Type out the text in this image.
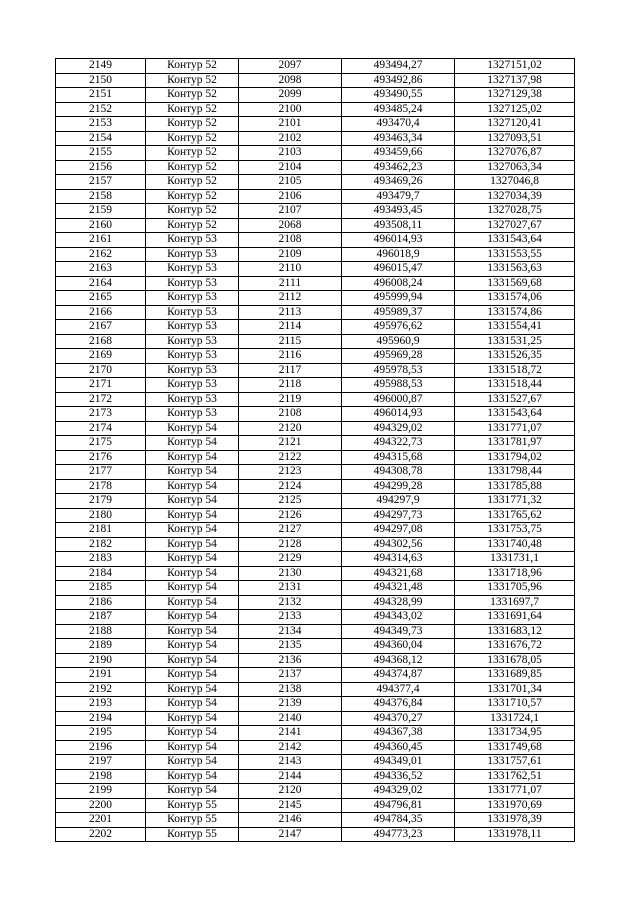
2149	Контур 52	2097	493494,27	1327151,02
2150	Контур 52	2098	493492,86	1327137,98
2151	Контур 52	2099	493490,55	1327129,38
2152	Контур 52	2100	493485,24	1327125,02
2153	Контур 52	2101	493470,4	1327120,41
2154	Контур 52	2102	493463,34	1327093,51
2155	Контур 52	2103	493459,66	1327076,87
2156	Контур 52	2104	493462,23	1327063,34
2157	Контур 52	2105	493469,26	1327046,8
2158	Контур 52	2106	493479,7	1327034,39
2159	Контур 52	2107	493493,45	1327028,75
2160	Контур 52	2068	493508,11	1327027,67
2161	Контур 53	2108	496014,93	1331543,64
2162	Контур 53	2109	496018,9	1331553,55
2163	Контур 53	2110	496015,47	1331563,63
2164	Контур 53	2111	496008,24	1331569,68
2165	Контур 53	2112	495999,94	1331574,06
2166	Контур 53	2113	495989,37	1331574,86
2167	Контур 53	2114	495976,62	1331554,41
2168	Контур 53	2115	495960,9	1331531,25
2169	Контур 53	2116	495969,28	1331526,35
2170	Контур 53	2117	495978,53	1331518,72
2171	Контур 53	2118	495988,53	1331518,44
2172	Контур 53	2119	496000,87	1331527,67
2173	Контур 53	2108	496014,93	1331543,64
2174	Контур 54	2120	494329,02	1331771,07
2175	Контур 54	2121	494322,73	1331781,97
2176	Контур 54	2122	494315,68	1331794,02
2177	Контур 54	2123	494308,78	1331798,44
2178	Контур 54	2124	494299,28	1331785,88
2179	Контур 54	2125	494297,9	1331771,32
2180	Контур 54	2126	494297,73	1331765,62
2181	Контур 54	2127	494297,08	1331753,75
2182	Контур 54	2128	494302,56	1331740,48
2183	Контур 54	2129	494314,63	1331731,1
2184	Контур 54	2130	494321,68	1331718,96
2185	Контур 54	2131	494321,48	1331705,96
2186	Контур 54	2132	494328,99	1331697,7
2187	Контур 54	2133	494343,02	1331691,64
2188	Контур 54	2134	494349,73	1331683,12
2189	Контур 54	2135	494360,04	1331676,72
2190	Контур 54	2136	494368,12	1331678,05
2191	Контур 54	2137	494374,87	1331689,85
2192	Контур 54	2138	494377,4	1331701,34
2193	Контур 54	2139	494376,84	1331710,57
2194	Контур 54	2140	494370,27	1331724,1
2195	Контур 54	2141	494367,38	1331734,95
2196	Контур 54	2142	494360,45	1331749,68
2197	Контур 54	2143	494349,01	1331757,61
2198	Контур 54	2144	494336,52	1331762,51
2199	Контур 54	2120	494329,02	1331771,07
2200	Контур 55	2145	494796,81	1331970,69
2201	Контур 55	2146	494784,35	1331978,39
2202	Контур 55	2147	494773,23	1331978,11
